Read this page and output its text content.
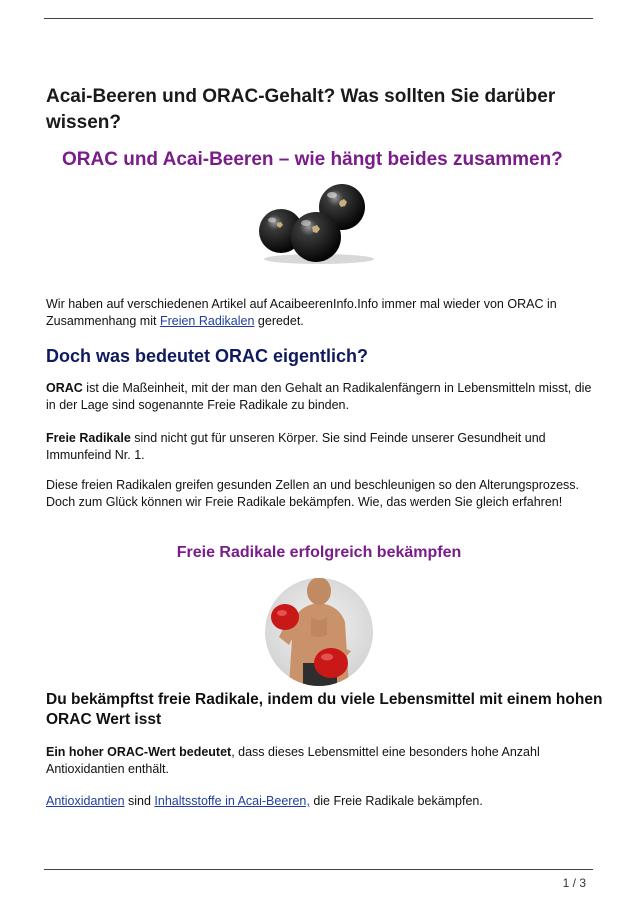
Acai-Beeren und ORAC-Gehalt? Was sollten Sie darüber wissen?
ORAC und Acai-Beeren – wie hängt beides zusammen?

Wir haben auf verschiedenen Artikel auf AcaibeerenInfo.Info immer mal wieder von ORAC in Zusammenhang mit Freien Radikalen geredet.

Doch was bedeutet ORAC eigentlich?

ORAC ist die Maßeinheit, mit der man den Gehalt an Radikalenfängern in Lebensmitteln misst, die in der Lage sind sogenannte Freie Radikale zu binden.

Freie Radikale sind nicht gut für unseren Körper. Sie sind Feinde unserer Gesundheit und Immunfeind Nr. 1.

Diese freien Radikalen greifen gesunden Zellen an und beschleunigen so den Alterungsprozess.
Doch zum Glück können wir Freie Radikale bekämpfen. Wie, das werden Sie gleich erfahren!

Freie Radikale erfolgreich bekämpfen
Du bekämpftst freie Radikale, indem du viele Lebensmittel mit einem hohen ORAC Wert isst

Ein hoher ORAC-Wert bedeutet, dass dieses Lebensmittel eine besonders hohe Anzahl Antioxidantien enthält.

Antioxidantien sind Inhaltsstoffe in Acai-Beeren, die Freie Radikale bekämpfen.

1 / 3
